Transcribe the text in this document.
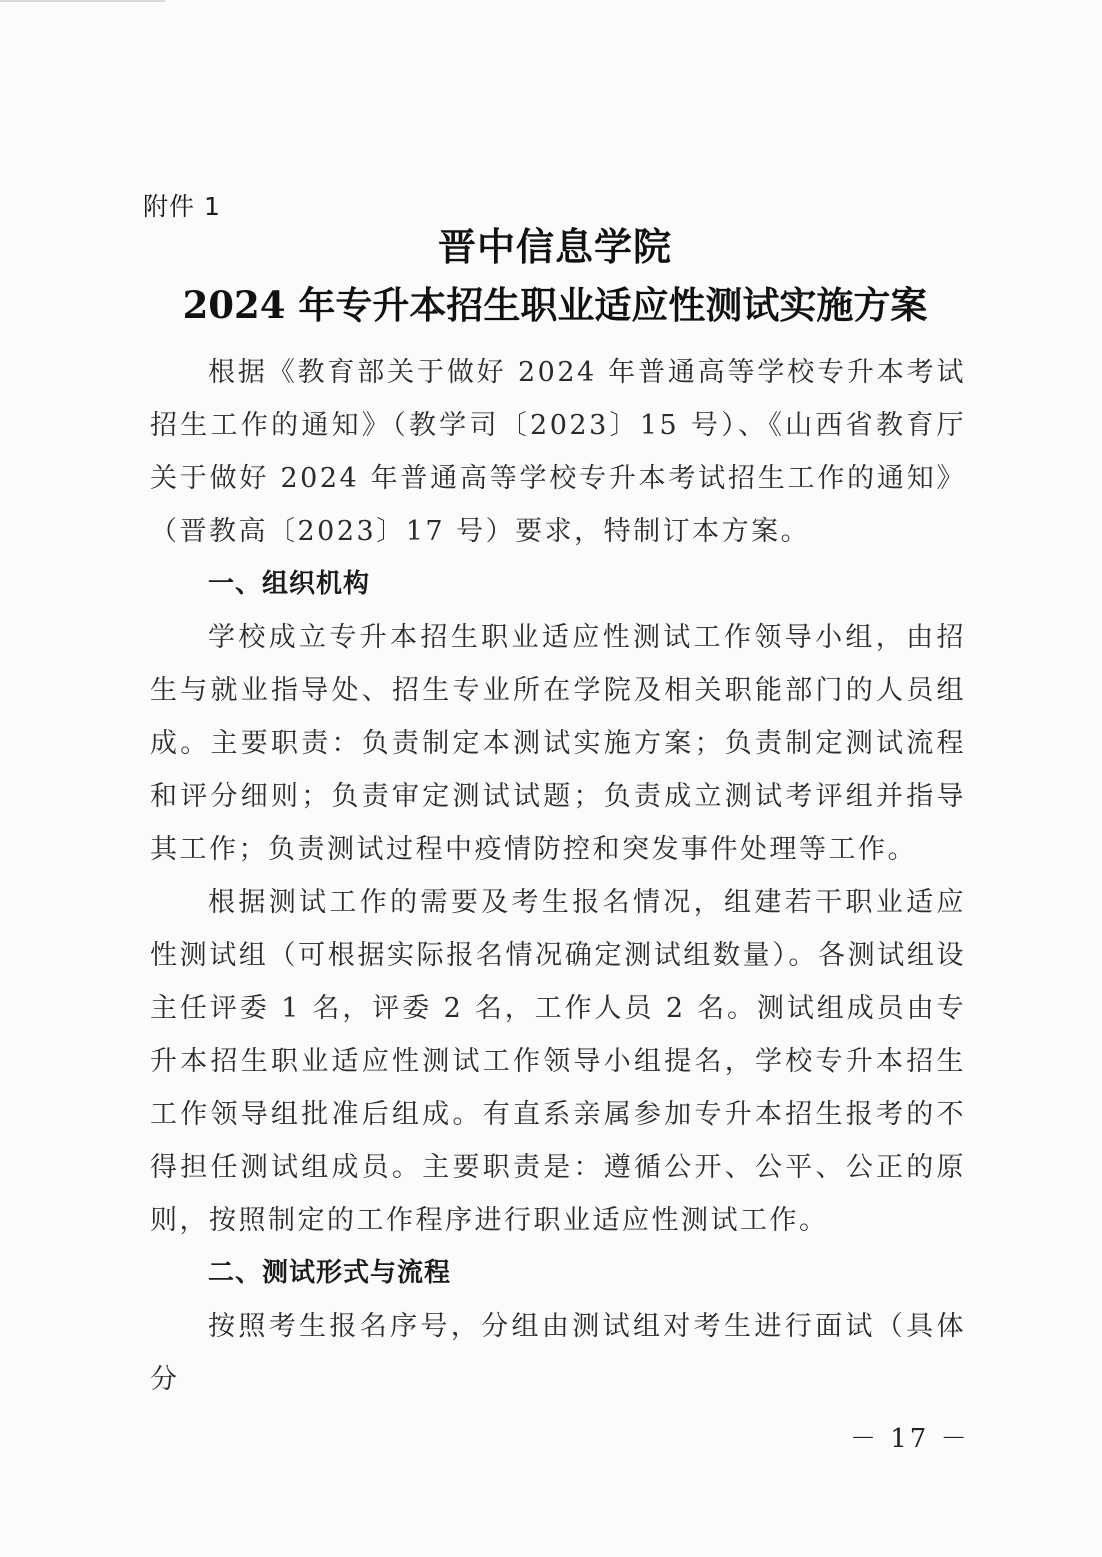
附件 1
晋中信息学院
2024 年专升本招生职业适应性测试实施方案

根据《教育部关于做好 2024 年普通高等学校专升本考试招生工作的通知》（教学司〔2023〕15 号）、《山西省教育厅关于做好 2024 年普通高等学校专升本考试招生工作的通知》（晋教高〔2023〕17 号）要求，特制订本方案。

一、组织机构

学校成立专升本招生职业适应性测试工作领导小组，由招生与就业指导处、招生专业所在学院及相关职能部门的人员组成。主要职责：负责制定本测试实施方案；负责制定测试流程和评分细则；负责审定测试试题；负责成立测试考评组并指导其工作；负责测试过程中疫情防控和突发事件处理等工作。

根据测试工作的需要及考生报名情况，组建若干职业适应性测试组（可根据实际报名情况确定测试组数量）。各测试组设主任评委 1 名，评委 2 名，工作人员 2 名。测试组成员由专升本招生职业适应性测试工作领导小组提名，学校专升本招生工作领导组批准后组成。有直系亲属参加专升本招生报考的不得担任测试组成员。主要职责是：遵循公开、公平、公正的原则，按照制定的工作程序进行职业适应性测试工作。

二、测试形式与流程

按照考生报名序号，分组由测试组对考生进行面试（具体分

－ 17 －
